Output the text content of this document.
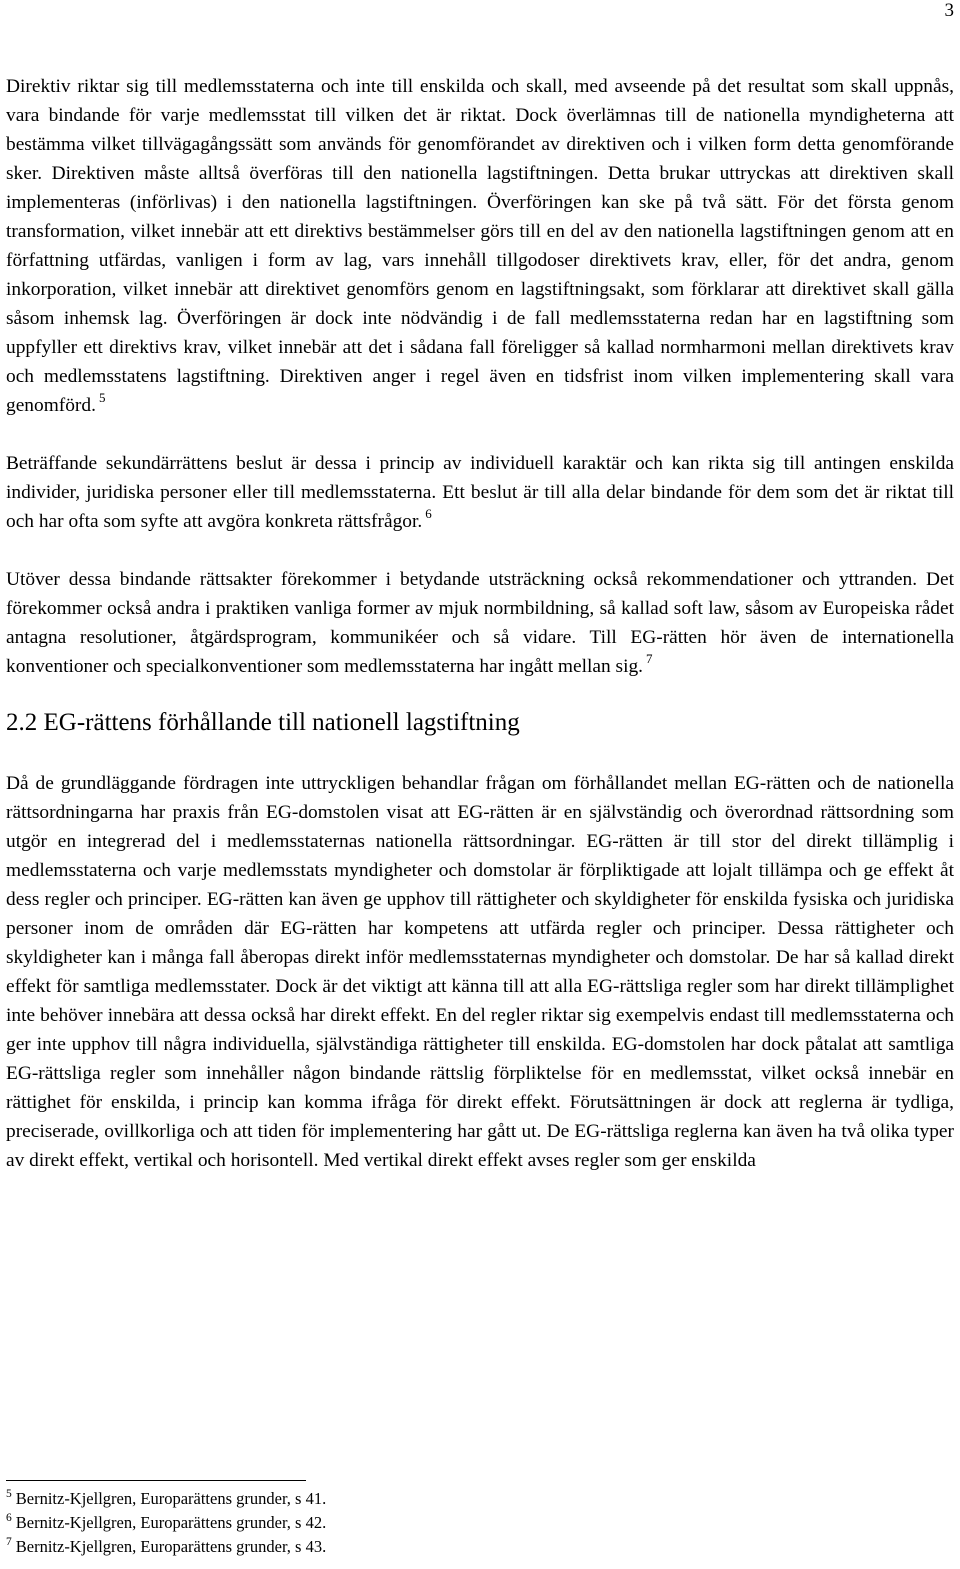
3

Direktiv riktar sig till medlemsstaterna och inte till enskilda och skall, med avseende på det resultat som skall uppnås, vara bindande för varje medlemsstat till vilken det är riktat. Dock överlämnas till de nationella myndigheterna att bestämma vilket tillvägagångssätt som används för genomförandet av direktiven och i vilken form detta genomförande sker. Direktiven måste alltså överföras till den nationella lagstiftningen. Detta brukar uttryckas att direktiven skall implementeras (införlivas) i den nationella lagstiftningen. Överföringen kan ske på två sätt. För det första genom transformation, vilket innebär att ett direktivs bestämmelser görs till en del av den nationella lagstiftningen genom att en författning utfärdas, vanligen i form av lag, vars innehåll tillgodoser direktivets krav, eller, för det andra, genom inkorporation, vilket innebär att direktivet genomförs genom en lagstiftningsakt, som förklarar att direktivet skall gälla såsom inhemsk lag. Överföringen är dock inte nödvändig i de fall medlemsstaterna redan har en lagstiftning som uppfyller ett direktivs krav, vilket innebär att det i sådana fall föreligger så kallad normharmoni mellan direktivets krav och medlemsstatens lagstiftning. Direktiven anger i regel även en tidsfrist inom vilken implementering skall vara genomförd. $^5$

Beträffande sekundärrättens beslut är dessa i princip av individuell karaktär och kan rikta sig till antingen enskilda individer, juridiska personer eller till medlemsstaterna. Ett beslut är till alla delar bindande för dem som det är riktat till och har ofta som syfte att avgöra konkreta rättsfrågor. $^6$

Utöver dessa bindande rättsakter förekommer i betydande utsträckning också rekommendationer och yttranden. Det förekommer också andra i praktiken vanliga former av mjuk normbildning, så kallad soft law, såsom av Europeiska rådet antagna resolutioner, åtgärdsprogram, kommunikéer och så vidare. Till EG-rätten hör även de internationella konventioner och specialkonventioner som medlemsstaterna har ingått mellan sig. $^7$

2.2 EG-rättens förhållande till nationell lagstiftning

Då de grundläggande fördragen inte uttryckligen behandlar frågan om förhållandet mellan EG-rätten och de nationella rättsordningarna har praxis från EG-domstolen visat att EG-rätten är en självständig och överordnad rättsordning som utgör en integrerad del i medlemsstaternas nationella rättsordningar. EG-rätten är till stor del direkt tillämplig i medlemsstaterna och varje medlemsstats myndigheter och domstolar är förpliktigade att lojalt tillämpa och ge effekt åt dess regler och principer. EG-rätten kan även ge upphov till rättigheter och skyldigheter för enskilda fysiska och juridiska personer inom de områden där EG-rätten har kompetens att utfärda regler och principer. Dessa rättigheter och skyldigheter kan i många fall åberopas direkt inför medlemsstaternas myndigheter och domstolar. De har så kallad direkt effekt för samtliga medlemsstater. Dock är det viktigt att känna till att alla EG-rättsliga regler som har direkt tillämplighet inte behöver innebära att dessa också har direkt effekt. En del regler riktar sig exempelvis endast till medlemsstaterna och ger inte upphov till några individuella, självständiga rättigheter till enskilda. EG-domstolen har dock påtalat att samtliga EG-rättsliga regler som innehåller någon bindande rättslig förpliktelse för en medlemsstat, vilket också innebär en rättighet för enskilda, i princip kan komma ifråga för direkt effekt. Förutsättningen är dock att reglerna är tydliga, preciserade, ovillkorliga och att tiden för implementering har gått ut. De EG-rättsliga reglerna kan även ha två olika typer av direkt effekt, vertikal och horisontell. Med vertikal direkt effekt avses regler som ger enskilda

$^5$ Bernitz-Kjellgren, Europarättens grunder, s 41.

$^6$ Bernitz-Kjellgren, Europarättens grunder, s 42.

$^7$ Bernitz-Kjellgren, Europarättens grunder, s 43.
